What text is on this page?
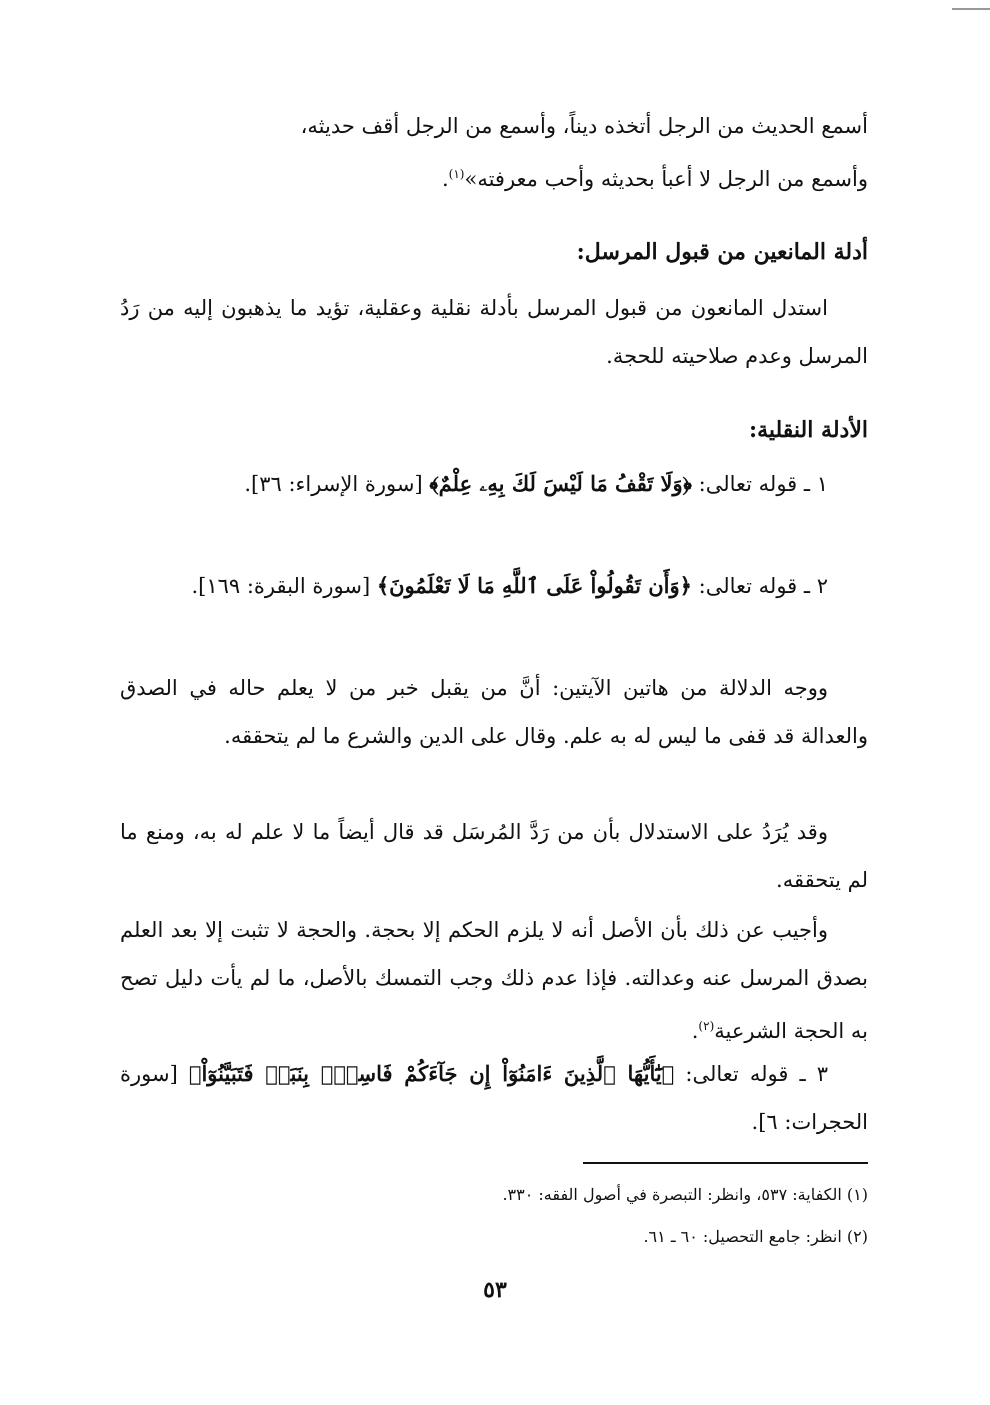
أسمع الحديث من الرجل أتخذه ديناً، وأسمع من الرجل أقف حديثه،
وأسمع من الرجل لا أعبأ بحديثه وأحب معرفته»$^{(١)}$.
أدلة المانعين من قبول المرسل:
استدل المانعون من قبول المرسل بأدلة نقلية وعقلية، تؤيد ما يذهبون إليه من رَدُ المرسل وعدم صلاحيته للحجة.
الأدلة النقلية:
١ ـ قوله تعالى: ﴿وَلَا تَقْفُ مَا لَيْسَ لَكَ بِهِۦ عِلْمٌ﴾ [سورة الإسراء: ٣٦].
٢ ـ قوله تعالى: ﴿وَأَن تَقُولُواْ عَلَى ٱللَّهِ مَا لَا تَعْلَمُونَ﴾ [سورة البقرة: ١٦٩].
ووجه الدلالة من هاتين الآيتين: أنَّ من يقبل خبر من لا يعلم حاله في الصدق والعدالة قد قفى ما ليس له به علم. وقال على الدين والشرع ما لم يتحققه.
وقد يُرَدُ على الاستدلال بأن من رَدَّ المُرسَل قد قال أيضاً ما لا علم له به، ومنع ما لم يتحققه.
وأجيب عن ذلك بأن الأصل أنه لا يلزم الحكم إلا بحجة. والحجة لا تثبت إلا بعد العلم بصدق المرسل عنه وعدالته. فإذا عدم ذلك وجب التمسك بالأصل، ما لم يأت دليل تصح به الحجة الشرعية$^{(٢)}$.
٣ ـ قوله تعالى: ﴿يَٰٓأَيُّهَا ٱلَّذِينَ ءَامَنُوٓاْ إِن جَآءَكُمْ فَاسِقُۢ بِنَبَإٖ فَتَبَيَّنُوٓاْ﴾ [سورة الحجرات: ٦].
(١) الكفاية: ٥٣٧، وانظر: التبصرة في أصول الفقه: ٣٣٠.
(٢) انظر: جامع التحصيل: ٦٠ ـ ٦١.
٥٣
